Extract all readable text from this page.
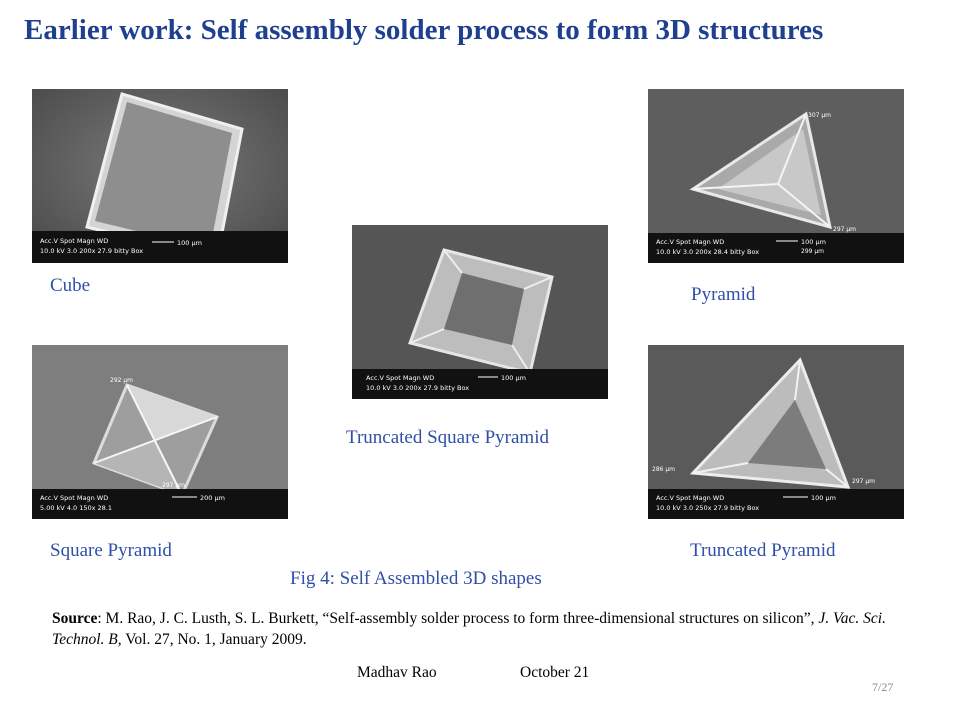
Earlier work: Self assembly solder process to form 3D structures
Acc.V Spot Magn WD
10.0 kV 3.0 200x 27.9 bitty Box
100 µm
Cube
307 µm
297 µm
Acc.V Spot Magn WD
10.0 kV 3.0 200x 28.4 bitty Box
100 µm
299 µm
Pyramid
Acc.V Spot Magn WD
10.0 kV 3.0 200x 27.9 bitty Box
100 µm
Truncated Square Pyramid
292 µm
297 µm
Acc.V Spot Magn WD
5.00 kV 4.0 150x 28.1
200 µm
Square Pyramid
286 µm
297 µm
Acc.V Spot Magn WD
10.0 kV 3.0 250x 27.9 bitty Box
100 µm
Truncated Pyramid
Fig 4: Self Assembled 3D shapes
Source: M. Rao, J. C. Lusth, S. L. Burkett, “Self-assembly solder process to form three-dimensional structures on silicon”, J. Vac. Sci. Technol. B, Vol. 27, No. 1, January 2009.
Madhav Rao	October 21
7/27
